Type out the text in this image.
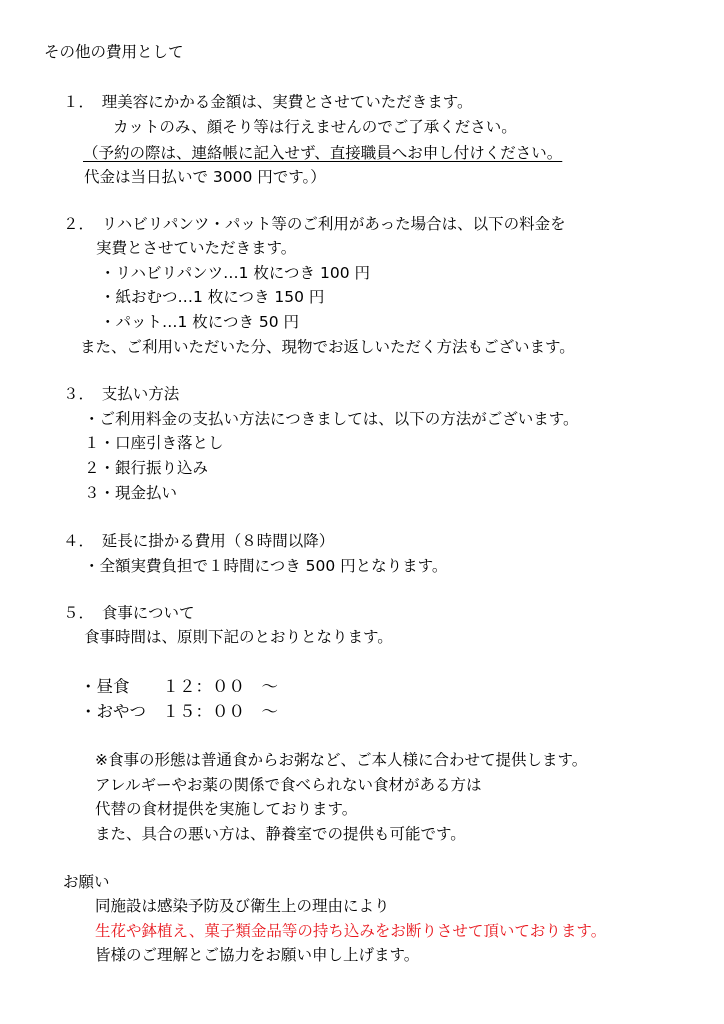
その他の費用として
１．　理美容にかかる金額は、実費とさせていただきます。
カットのみ、顔そり等は行えませんのでご了承ください。
（予約の際は、連絡帳に記入せず、直接職員へお申し付けください。
代金は当日払いで 3000 円です。）
２．　リハビリパンツ・パット等のご利用があった場合は、以下の料金を
実費とさせていただきます。
・リハビリパンツ…1 枚につき 100 円
・紙おむつ…1 枚につき 150 円
・パット…1 枚につき 50 円
また、ご利用いただいた分、現物でお返しいただく方法もございます。
３．　支払い方法
・ご利用料金の支払い方法につきましては、以下の方法がございます。
１・口座引き落とし
２・銀行振り込み
３・現金払い
４．　延長に掛かる費用（８時間以降）
・全額実費負担で１時間につき 500 円となります。
５．　食事について
食事時間は、原則下記のとおりとなります。
・昼食　　１２：００　～
・おやつ　１５：００　～
※食事の形態は普通食からお粥など、ご本人様に合わせて提供します。
アレルギーやお薬の関係で食べられない食材がある方は
代替の食材提供を実施しております。
また、具合の悪い方は、静養室での提供も可能です。
お願い
同施設は感染予防及び衛生上の理由により
生花や鉢植え、菓子類金品等の持ち込みをお断りさせて頂いております。
皆様のご理解とご協力をお願い申し上げます。
